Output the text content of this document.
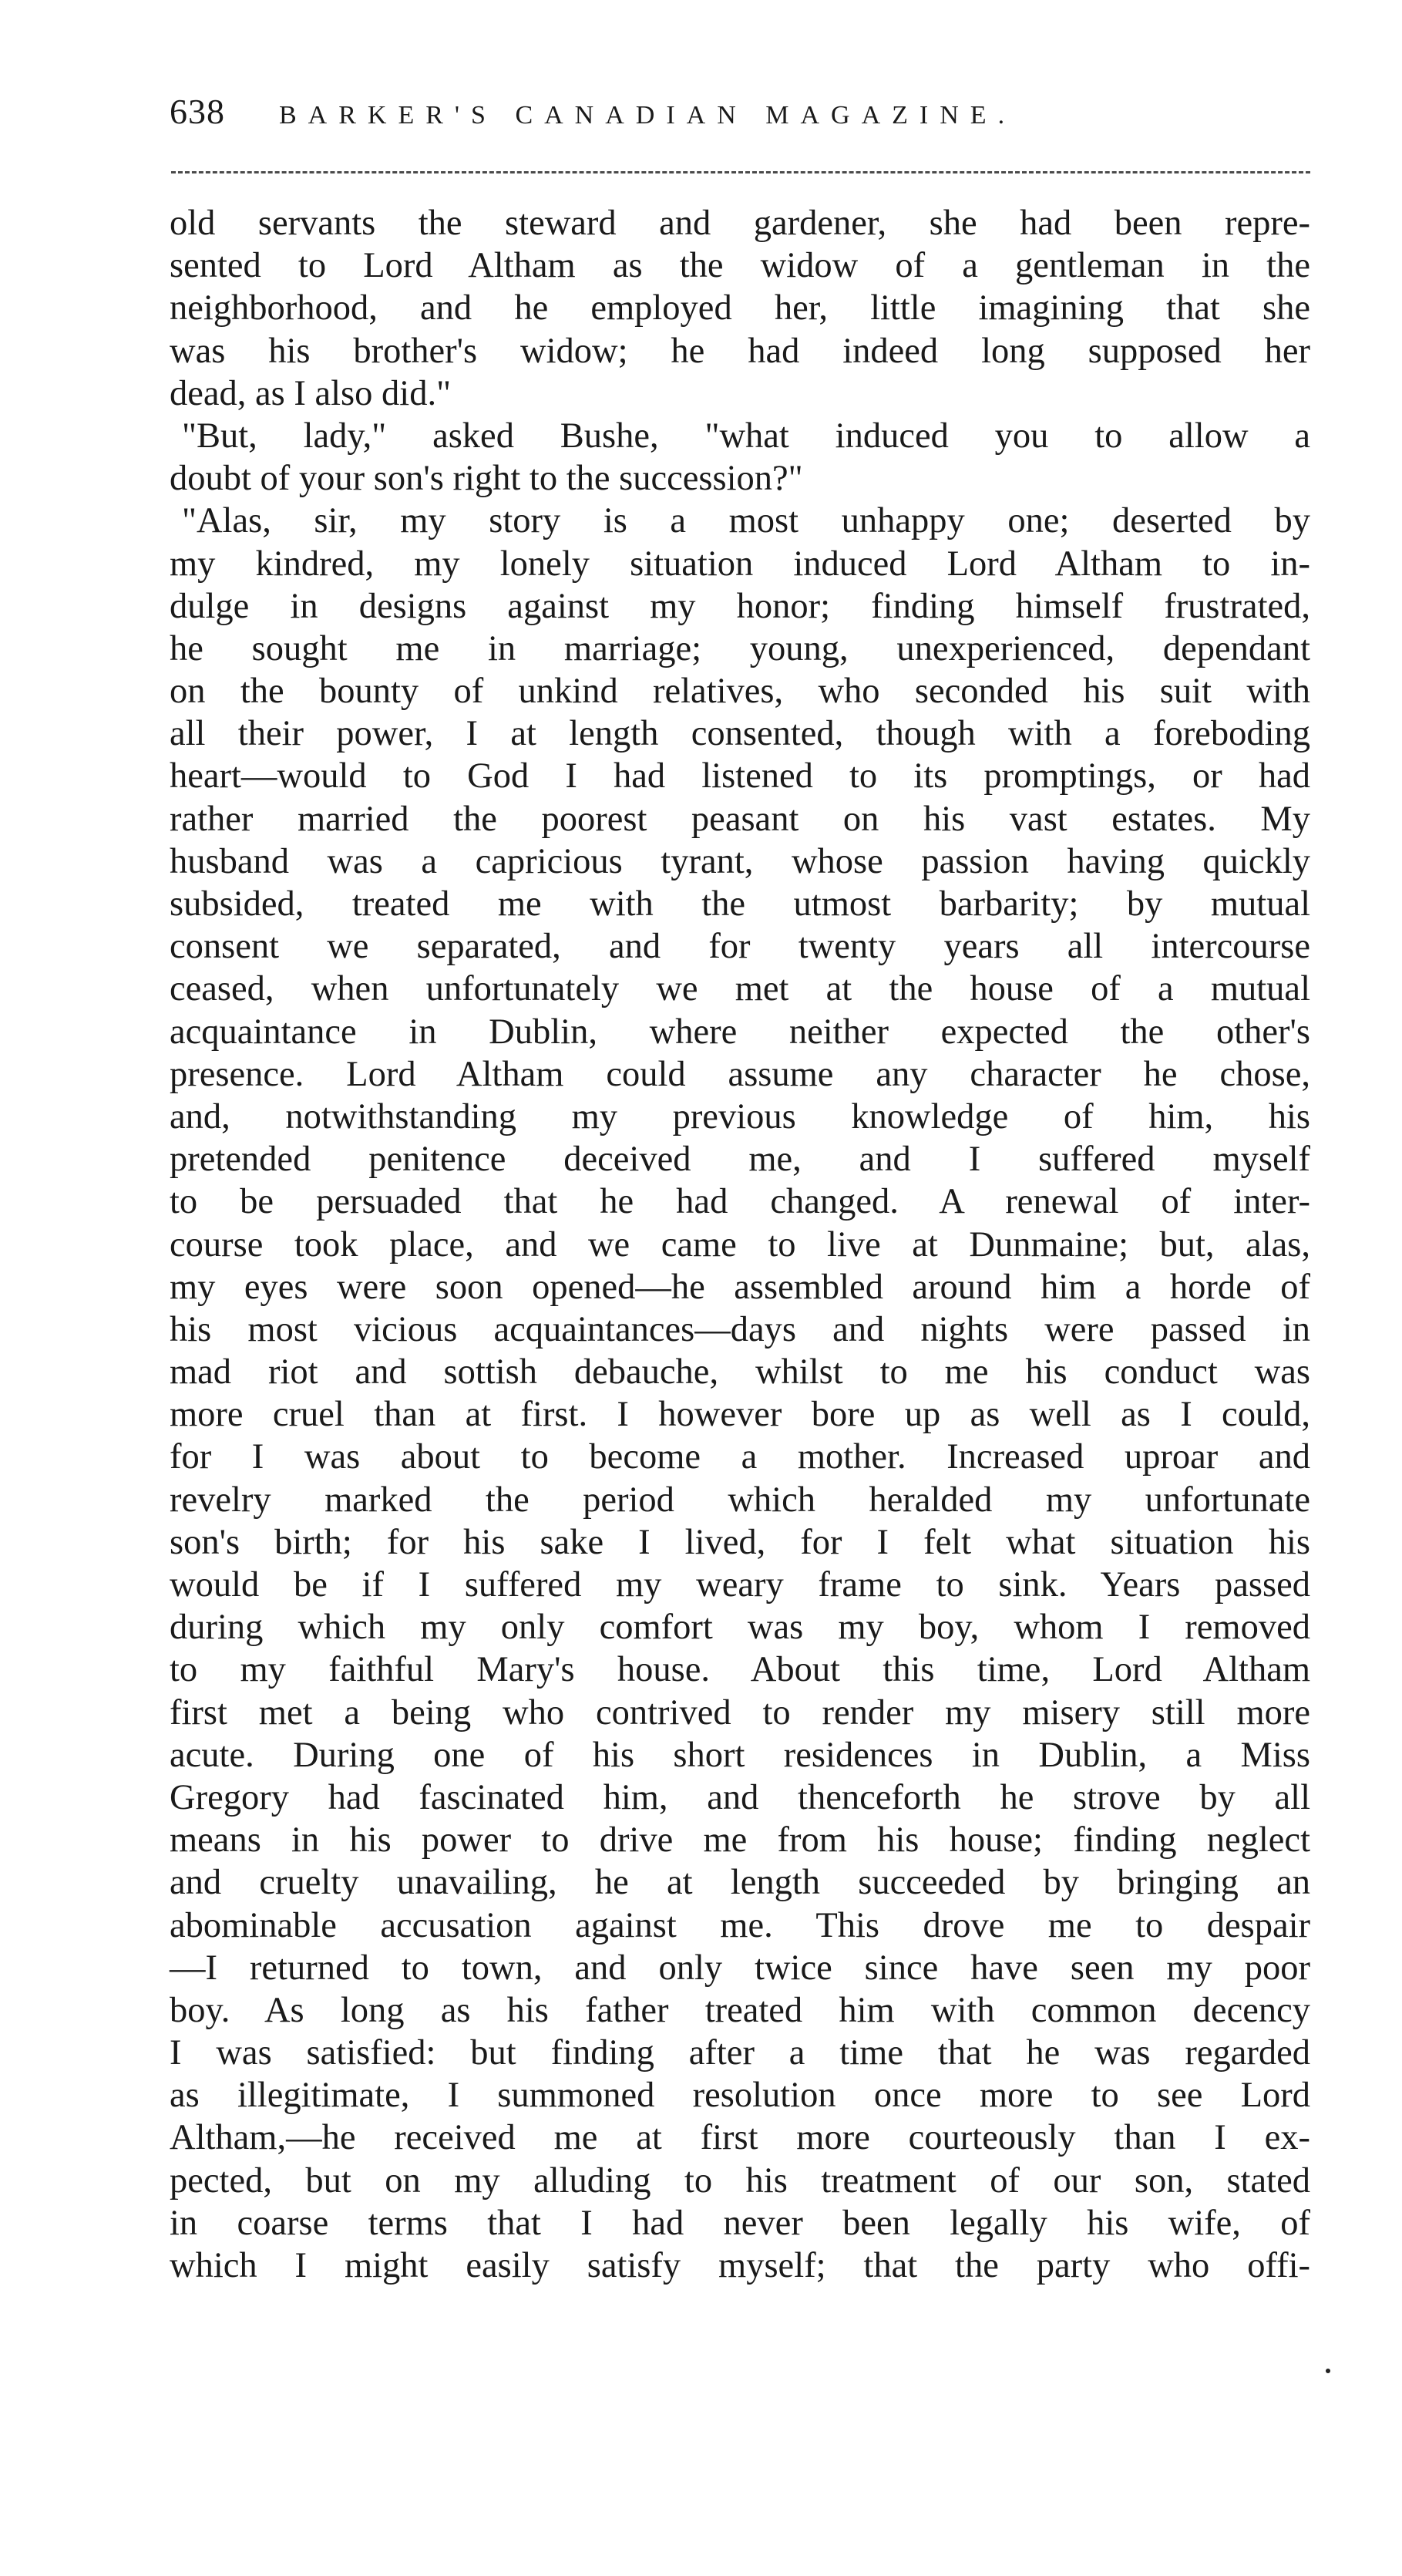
638 BARKER'S CANADIAN MAGAZINE.
old servants the steward and gardener, she had been repre-
sented to Lord Altham as the widow of a gentleman in the
neighborhood, and he employed her, little imagining that she
was his brother's widow; he had indeed long supposed her
dead, as I also did."
"But, lady," asked Bushe, "what induced you to allow a
doubt of your son's right to the succession?"
"Alas, sir, my story is a most unhappy one; deserted by
my kindred, my lonely situation induced Lord Altham to in-
dulge in designs against my honor; finding himself frustrated,
he sought me in marriage; young, unexperienced, dependant
on the bounty of unkind relatives, who seconded his suit with
all their power, I at length consented, though with a foreboding
heart—would to God I had listened to its promptings, or had
rather married the poorest peasant on his vast estates. My
husband was a capricious tyrant, whose passion having quickly
subsided, treated me with the utmost barbarity; by mutual
consent we separated, and for twenty years all intercourse
ceased, when unfortunately we met at the house of a mutual
acquaintance in Dublin, where neither expected the other's
presence. Lord Altham could assume any character he chose,
and, notwithstanding my previous knowledge of him, his
pretended penitence deceived me, and I suffered myself
to be persuaded that he had changed. A renewal of inter-
course took place, and we came to live at Dunmaine; but, alas,
my eyes were soon opened—he assembled around him a horde of
his most vicious acquaintances—days and nights were passed in
mad riot and sottish debauche, whilst to me his conduct was
more cruel than at first. I however bore up as well as I could,
for I was about to become a mother. Increased uproar and
revelry marked the period which heralded my unfortunate
son's birth; for his sake I lived, for I felt what situation his
would be if I suffered my weary frame to sink. Years passed
during which my only comfort was my boy, whom I removed
to my faithful Mary's house. About this time, Lord Altham
first met a being who contrived to render my misery still more
acute. During one of his short residences in Dublin, a Miss
Gregory had fascinated him, and thenceforth he strove by all
means in his power to drive me from his house; finding neglect
and cruelty unavailing, he at length succeeded by bringing an
abominable accusation against me. This drove me to despair
—I returned to town, and only twice since have seen my poor
boy. As long as his father treated him with common decency
I was satisfied: but finding after a time that he was regarded
as illegitimate, I summoned resolution once more to see Lord
Altham,—he received me at first more courteously than I ex-
pected, but on my alluding to his treatment of our son, stated
in coarse terms that I had never been legally his wife, of
which I might easily satisfy myself; that the party who offi-
